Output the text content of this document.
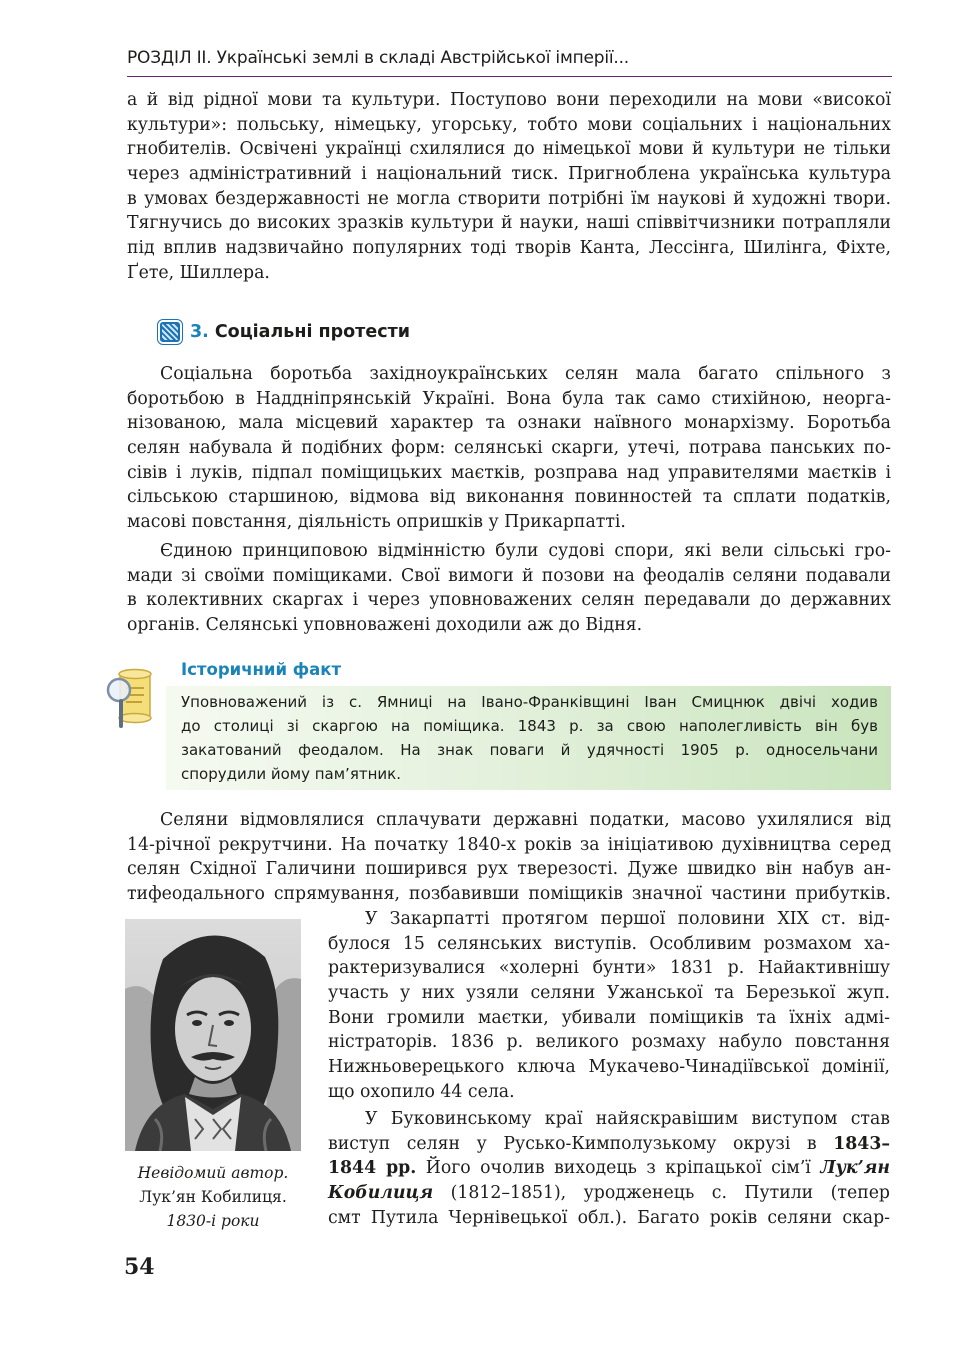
РОЗДІЛ ІІ. Українські землі в складі Австрійської імперії...
а й від рідної мови та культури. Поступово вони переходили на мови «високої
культури»: польську, німецьку, угорську, тобто мови соціальних і національних
гнобителів. Освічені українці схилялися до німецької мови й культури не тільки
через адміністративний і національний тиск. Пригноблена українська культура
в умовах бездержавності не могла створити потрібні їм наукові й художні твори.
Тягнучись до високих зразків культури й науки, наші співвітчизники потрапляли
під вплив надзвичайно популярних тоді творів Канта, Лессінга, Шилінга, Фіхте,
Ґете, Шиллера.
3. Соціальні протести
Соціальна боротьба західноукраїнських селян мала багато спільного з
боротьбою в Наддніпрянській Україні. Вона була так само стихійною, неорга-
нізованою, мала місцевий характер та ознаки наївного монархізму. Боротьба
селян набувала й подібних форм: селянські скарги, утечі, потрава панських по-
сівів і луків, підпал поміщицьких маєтків, розправа над управителями маєтків і
сільською старшиною, відмова від виконання повинностей та сплати податків,
масові повстання, діяльність опришків у Прикарпатті.
Єдиною принциповою відмінністю були судові спори, які вели сільські гро-
мади зі своїми поміщиками. Свої вимоги й позови на феодалів селяни подавали
в колективних скаргах і через уповноважених селян передавали до державних
органів. Селянські уповноважені доходили аж до Відня.
Історичний факт
Уповноважений із с. Ямниці на Івано-Франківщині Іван Смицнюк двічі ходив
до столиці зі скаргою на поміщика. 1843 р. за свою наполегливість він був
закатований феодалом. На знак поваги й удячності 1905 р. односельчани
спорудили йому пам’ятник.
Селяни відмовлялися сплачувати державні податки, масово ухилялися від
14-річної рекрутчини. На початку 1840-х років за ініціативою духівництва серед
селян Східної Галичини поширився рух тверезості. Дуже швидко він набув ан-
тифеодального спрямування, позбавивши поміщиків значної частини прибутків.
Невідомий автор.
Лук’ян Кобилиця.
1830-і роки
У Закарпатті протягом першої половини XIX ст. від-
булося 15 селянських виступів. Особливим розмахом ха-
рактеризувалися «холерні бунти» 1831 р. Найактивнішу
участь у них узяли селяни Ужанської та Березької жуп.
Вони громили маєтки, убивали поміщиків та їхніх адмі-
ністраторів. 1836 р. великого розмаху набуло повстання
Нижньоверецького ключа Мукачево-Чинадіївської домінії,
що охопило 44 села.
У Буковинському краї найяскравішим виступом став
виступ селян у Русько-Кимполузькому окрузі в 1843–
1844 рр. Його очолив виходець з кріпацької сім’ї Лук’ян
Кобилиця (1812–1851), уродженець с. Путили (тепер
смт Путила Чернівецької обл.). Багато років селяни скар-
54
